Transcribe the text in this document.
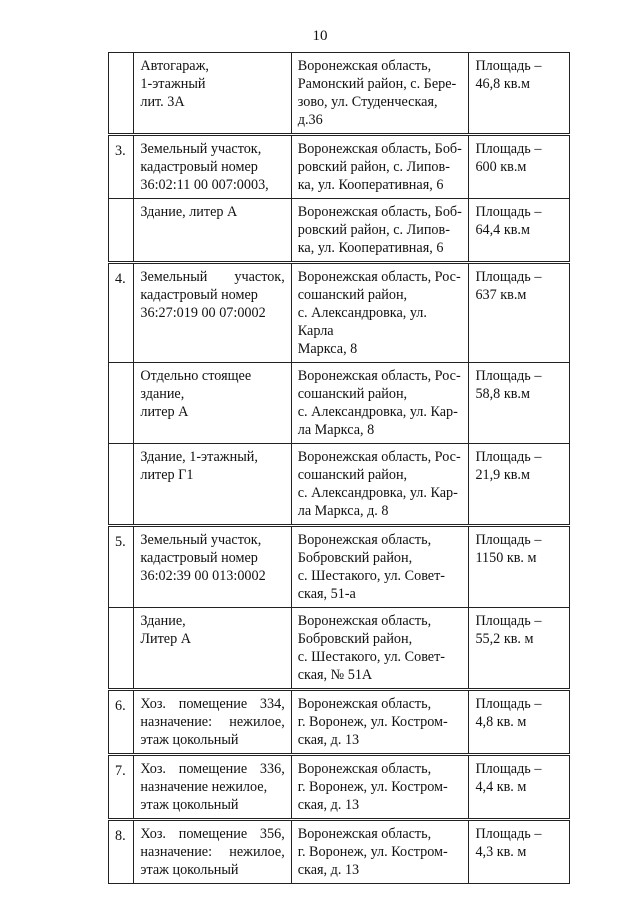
10

	Автогараж,
1-этажный
лит. 3А	Воронежская область,
Рамонский район, с. Бере-
зово, ул. Студенческая,
д.36	Площадь –
46,8 кв.м

3.	Земельный участок,
кадастровый номер
36:02:11 00 007:0003,	Воронежская область, Боб-
ровский район, с. Липов-
ка, ул. Кооперативная, 6	Площадь –
600 кв.м

	Здание, литер А	Воронежская область, Боб-
ровский район, с. Липов-
ка, ул. Кооперативная, 6	Площадь –
64,4 кв.м

4.	Земельный участок,
кадастровый номер
36:27:019 00 07:0002	Воронежская область, Рос-
сошанский район,
с. Александровка, ул. Карла
Маркса, 8	Площадь –
637 кв.м

	Отдельно стоящее
здание,
литер А	Воронежская область, Рос-
сошанский район,
с. Александровка, ул. Кар-
ла Маркса, 8	Площадь –
58,8 кв.м

	Здание, 1-этажный,
литер Г1	Воронежская область, Рос-
сошанский район,
с. Александровка, ул. Кар-
ла Маркса, д. 8	Площадь –
21,9 кв.м

5.	Земельный участок,
кадастровый номер
36:02:39 00 013:0002	Воронежская область,
Бобровский район,
с. Шестакого, ул. Совет-
ская, 51-а	Площадь –
1150 кв. м

	Здание,
Литер А	Воронежская область,
Бобровский район,
с. Шестакого, ул. Совет-
ская, № 51А	Площадь –
55,2 кв. м

6.	Хоз. помещение 334,
назначение: нежилое,
этаж цокольный	Воронежская область,
г. Воронеж, ул. Костром-
ская, д. 13	Площадь –
4,8 кв. м

7.	Хоз. помещение 336,
назначение нежилое,
этаж цокольный	Воронежская область,
г. Воронеж, ул. Костром-
ская, д. 13	Площадь –
4,4 кв. м

8.	Хоз. помещение 356,
назначение: нежилое,
этаж цокольный	Воронежская область,
г. Воронеж, ул. Костром-
ская, д. 13	Площадь –
4,3 кв. м
